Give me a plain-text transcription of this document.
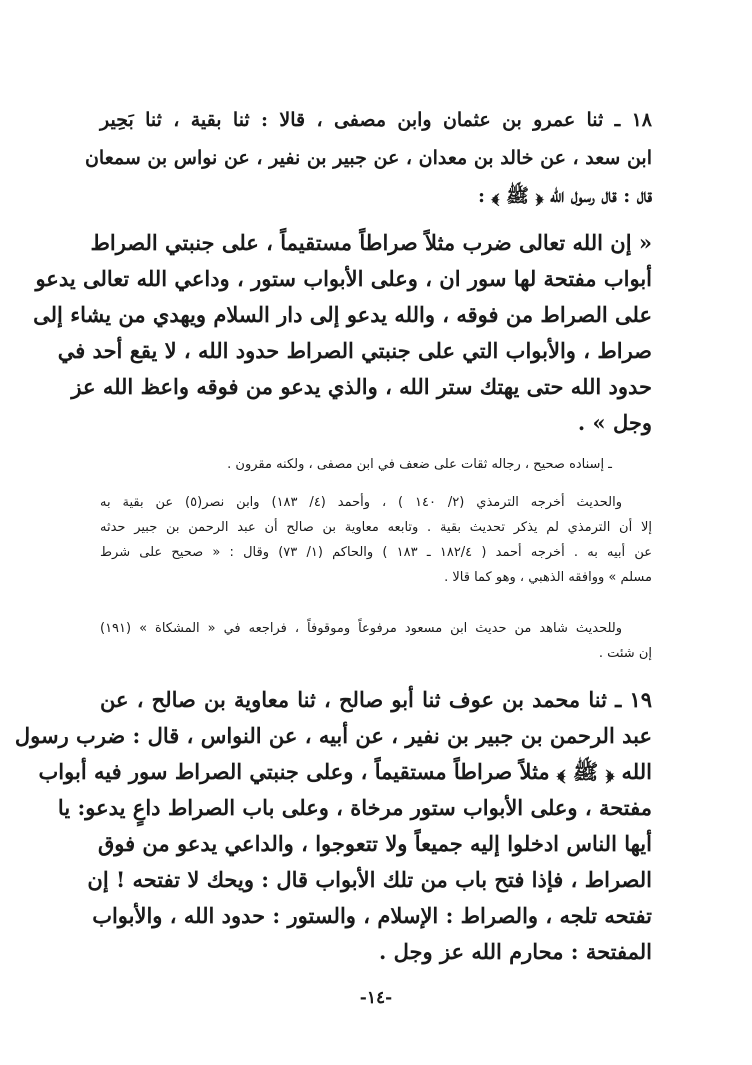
١٨ ـ ثنا عمرو بن عثمان وابن مصفى ، قالا : ثنا بقية ، ثنا بَحِير
ابن سعد ، عن خالد بن معدان ، عن جبير بن نفير ، عن نواس بن سمعان
قال : قال رسول الله ﴿ ﷺ ﴾ :
« إن الله تعالى ضرب مثلاً صراطاً مستقيماً ، على جنبتي الصراط
أبواب مفتحة لها سور ان ، وعلى الأبواب ستور ، وداعي الله تعالى يدعو
على الصراط من فوقه ، والله يدعو إلى دار السلام ويهدي من يشاء إلى
صراط ، والأبواب التي على جنبتي الصراط حدود الله ، لا يقع أحد في
حدود الله حتى يهتك ستر الله ، والذي يدعو من فوقه واعظ الله عز
وجل » .
ـ إسناده صحيح ، رجاله ثقات على ضعف في ابن مصفى ، ولكنه مقرون .
والحديث أخرجه الترمذي (٢/ ١٤٠ ) ، وأحمد (٤/ ١٨٣) وابن نصر(٥) عن بقية به
إلا أن الترمذي لم يذكر تحديث بقية . وتابعه معاوية بن صالح أن عبد الرحمن بن جبير حدثه
عن أبيه به . أخرجه أحمد ( ١٨٢/٤ ـ ١٨٣ ) والحاكم (١/ ٧٣) وقال : « صحيح على شرط
مسلم » ووافقه الذهبي ، وهو كما قالا .
وللحديث شاهد من حديث ابن مسعود مرفوعاً وموقوفاً ، فراجعه في « المشكاة » (١٩١)
إن شئت .
١٩ ـ ثنا محمد بن عوف ثنا أبو صالح ، ثنا معاوية بن صالح ، عن
عبد الرحمن بن جبير بن نفير ، عن أبيه ، عن النواس ، قال : ضرب رسول
الله ﴿ ﷺ ﴾ مثلاً صراطاً مستقيماً ، وعلى جنبتي الصراط سور فيه أبواب
مفتحة ، وعلى الأبواب ستور مرخاة ، وعلى باب الصراط داعٍ يدعو: يا
أيها الناس ادخلوا إليه جميعاً ولا تتعوجوا ، والداعي يدعو من فوق
الصراط ، فإذا فتح باب من تلك الأبواب قال : ويحك لا تفتحه ! إن
تفتحه تلجه ، والصراط : الإسلام ، والستور : حدود الله ، والأبواب
المفتحة : محارم الله عز وجل .
-١٤-
